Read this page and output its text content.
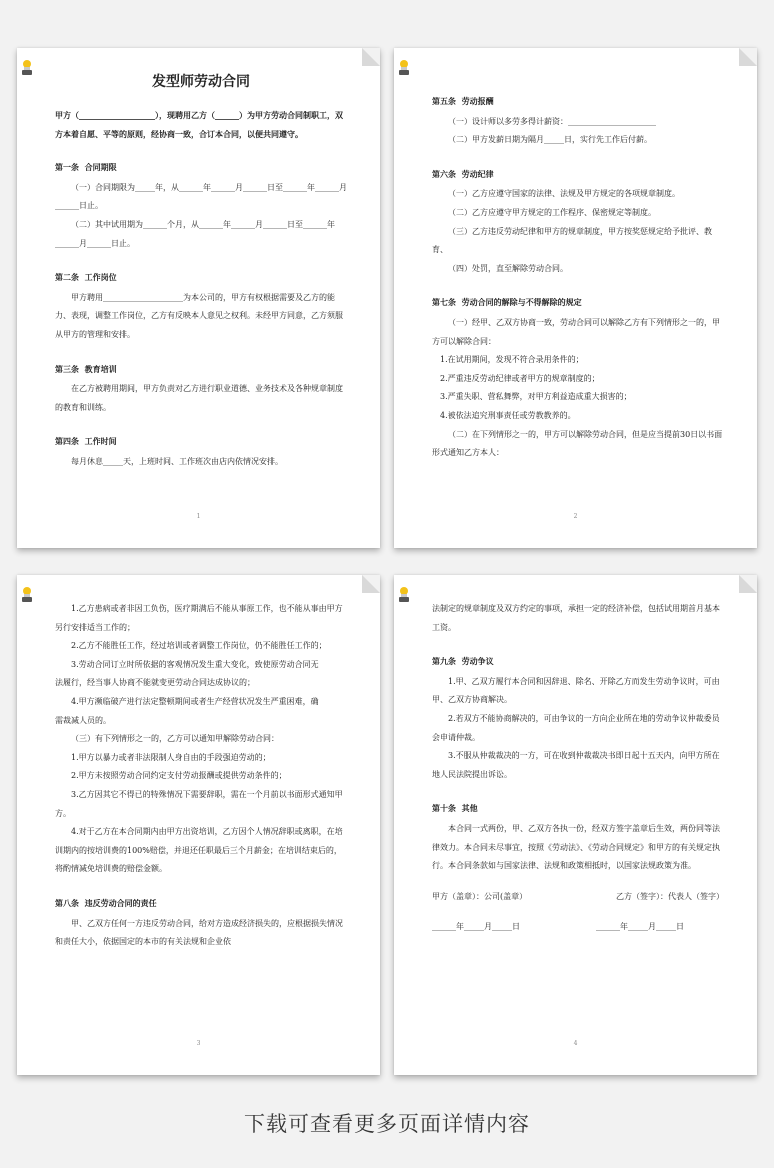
发型师劳动合同

甲方（___________________），现聘用乙方（______）为甲方劳动合同制职工，双方本着自愿、平等的原则，经协商一致，合订本合同，以便共同遵守。

第一条  合同期限

（一）合同期限为_____年，从______年______月______日至______年______月______日止。

（二）其中试用期为______个月，从______年______月______日至______年______月______日止。

第二条  工作岗位

甲方聘用____________________为本公司的，甲方有权根据需要及乙方的能力、表现，调整工作岗位，乙方有反映本人意见之权利。未经甲方同意，乙方须服从甲方的管理和安排。

第三条  教育培训

在乙方被聘用期间，甲方负责对乙方进行职业道德、业务技术及各种规章制度的教育和训练。

第四条  工作时间

每月休息_____天，上班时间、工作班次由店内依情况安排。

1

第五条  劳动报酬

（一）设计师以多劳多得计薪资：______________________

（二）甲方发薪日期为隔月_____日，实行先工作后付薪。

第六条  劳动纪律

（一）乙方应遵守国家的法律、法规及甲方规定的各项规章制度。

（二）乙方应遵守甲方规定的工作程序、保密规定等制度。

（三）乙方违反劳动纪律和甲方的规章制度，甲方按奖惩规定给予批评、教育、

（四）处罚，直至解除劳动合同。

第七条  劳动合同的解除与不得解除的规定

（一）经甲、乙双方协商一致，劳动合同可以解除乙方有下列情形之一的，甲方可以解除合同：

1.在试用期间，发现不符合录用条件的；

2.严重违反劳动纪律或者甲方的规章制度的；

3.严重失职、营私舞弊，对甲方利益造成重大损害的；

4.被依法追究刑事责任或劳教教养的。

（二）在下列情形之一的，甲方可以解除劳动合同，但是应当提前30日以书面形式通知乙方本人：

2

1.乙方患病或者非因工负伤，医疗期满后不能从事原工作，也不能从事由甲方另行安排适当工作的；

2.乙方不能胜任工作，经过培训或者调整工作岗位，仍不能胜任工作的；

3.劳动合同订立时所依据的客观情况发生重大变化，致使原劳动合同无

法履行，经当事人协商不能就变更劳动合同达成协议的；

4.甲方濒临破产进行法定整顿期间或者生产经营状况发生严重困难，确

需裁减人员的。

（三）有下列情形之一的，乙方可以通知甲解除劳动合同：

1.甲方以暴力或者非法限制人身自由的手段强迫劳动的；

2.甲方未按照劳动合同约定支付劳动报酬或提供劳动条件的；

3.乙方因其它不得已的特殊情况下需要辞职，需在一个月前以书面形式通知甲方。

4.对于乙方在本合同期内由甲方出资培训，乙方因个人情况辞职或离职，在培训期内的按培训费的100%赔偿，并退还任职最后三个月薪金；在培训结束后的，将酌情减免培训费的赔偿金额。

第八条  违反劳动合同的责任

甲、乙双方任何一方违反劳动合同，给对方造成经济损失的，应根据损失情况和责任大小，依据国定的本市的有关法规和企业依

3

法制定的规章制度及双方约定的事项，承担一定的经济补偿，包括试用期首月基本工资。

第九条  劳动争议

1.甲、乙双方履行本合同和因辞退、除名、开除乙方而发生劳动争议时，可由甲、乙双方协商解决。

2.若双方不能协商解决的，可由争议的一方向企业所在地的劳动争议仲裁委员会申请仲裁。

3.不服从仲裁裁决的一方，可在收到仲裁裁决书即日起十五天内，向甲方所在地人民法院提出诉讼。

第十条  其他

本合同一式两份，甲、乙双方各执一份，经双方签字盖章后生效，两份同等法律效力。本合同未尽事宜，按照《劳动法》、《劳动合同规定》和甲方的有关规定执行。本合同条款如与国家法律、法规和政策相抵时，以国家法规政策为准。

甲方（盖章）：公司(盖章）	乙方（签字）：代表人（签字）
______年_____月_____日	______年_____月_____日
4
下载可查看更多页面详情内容
